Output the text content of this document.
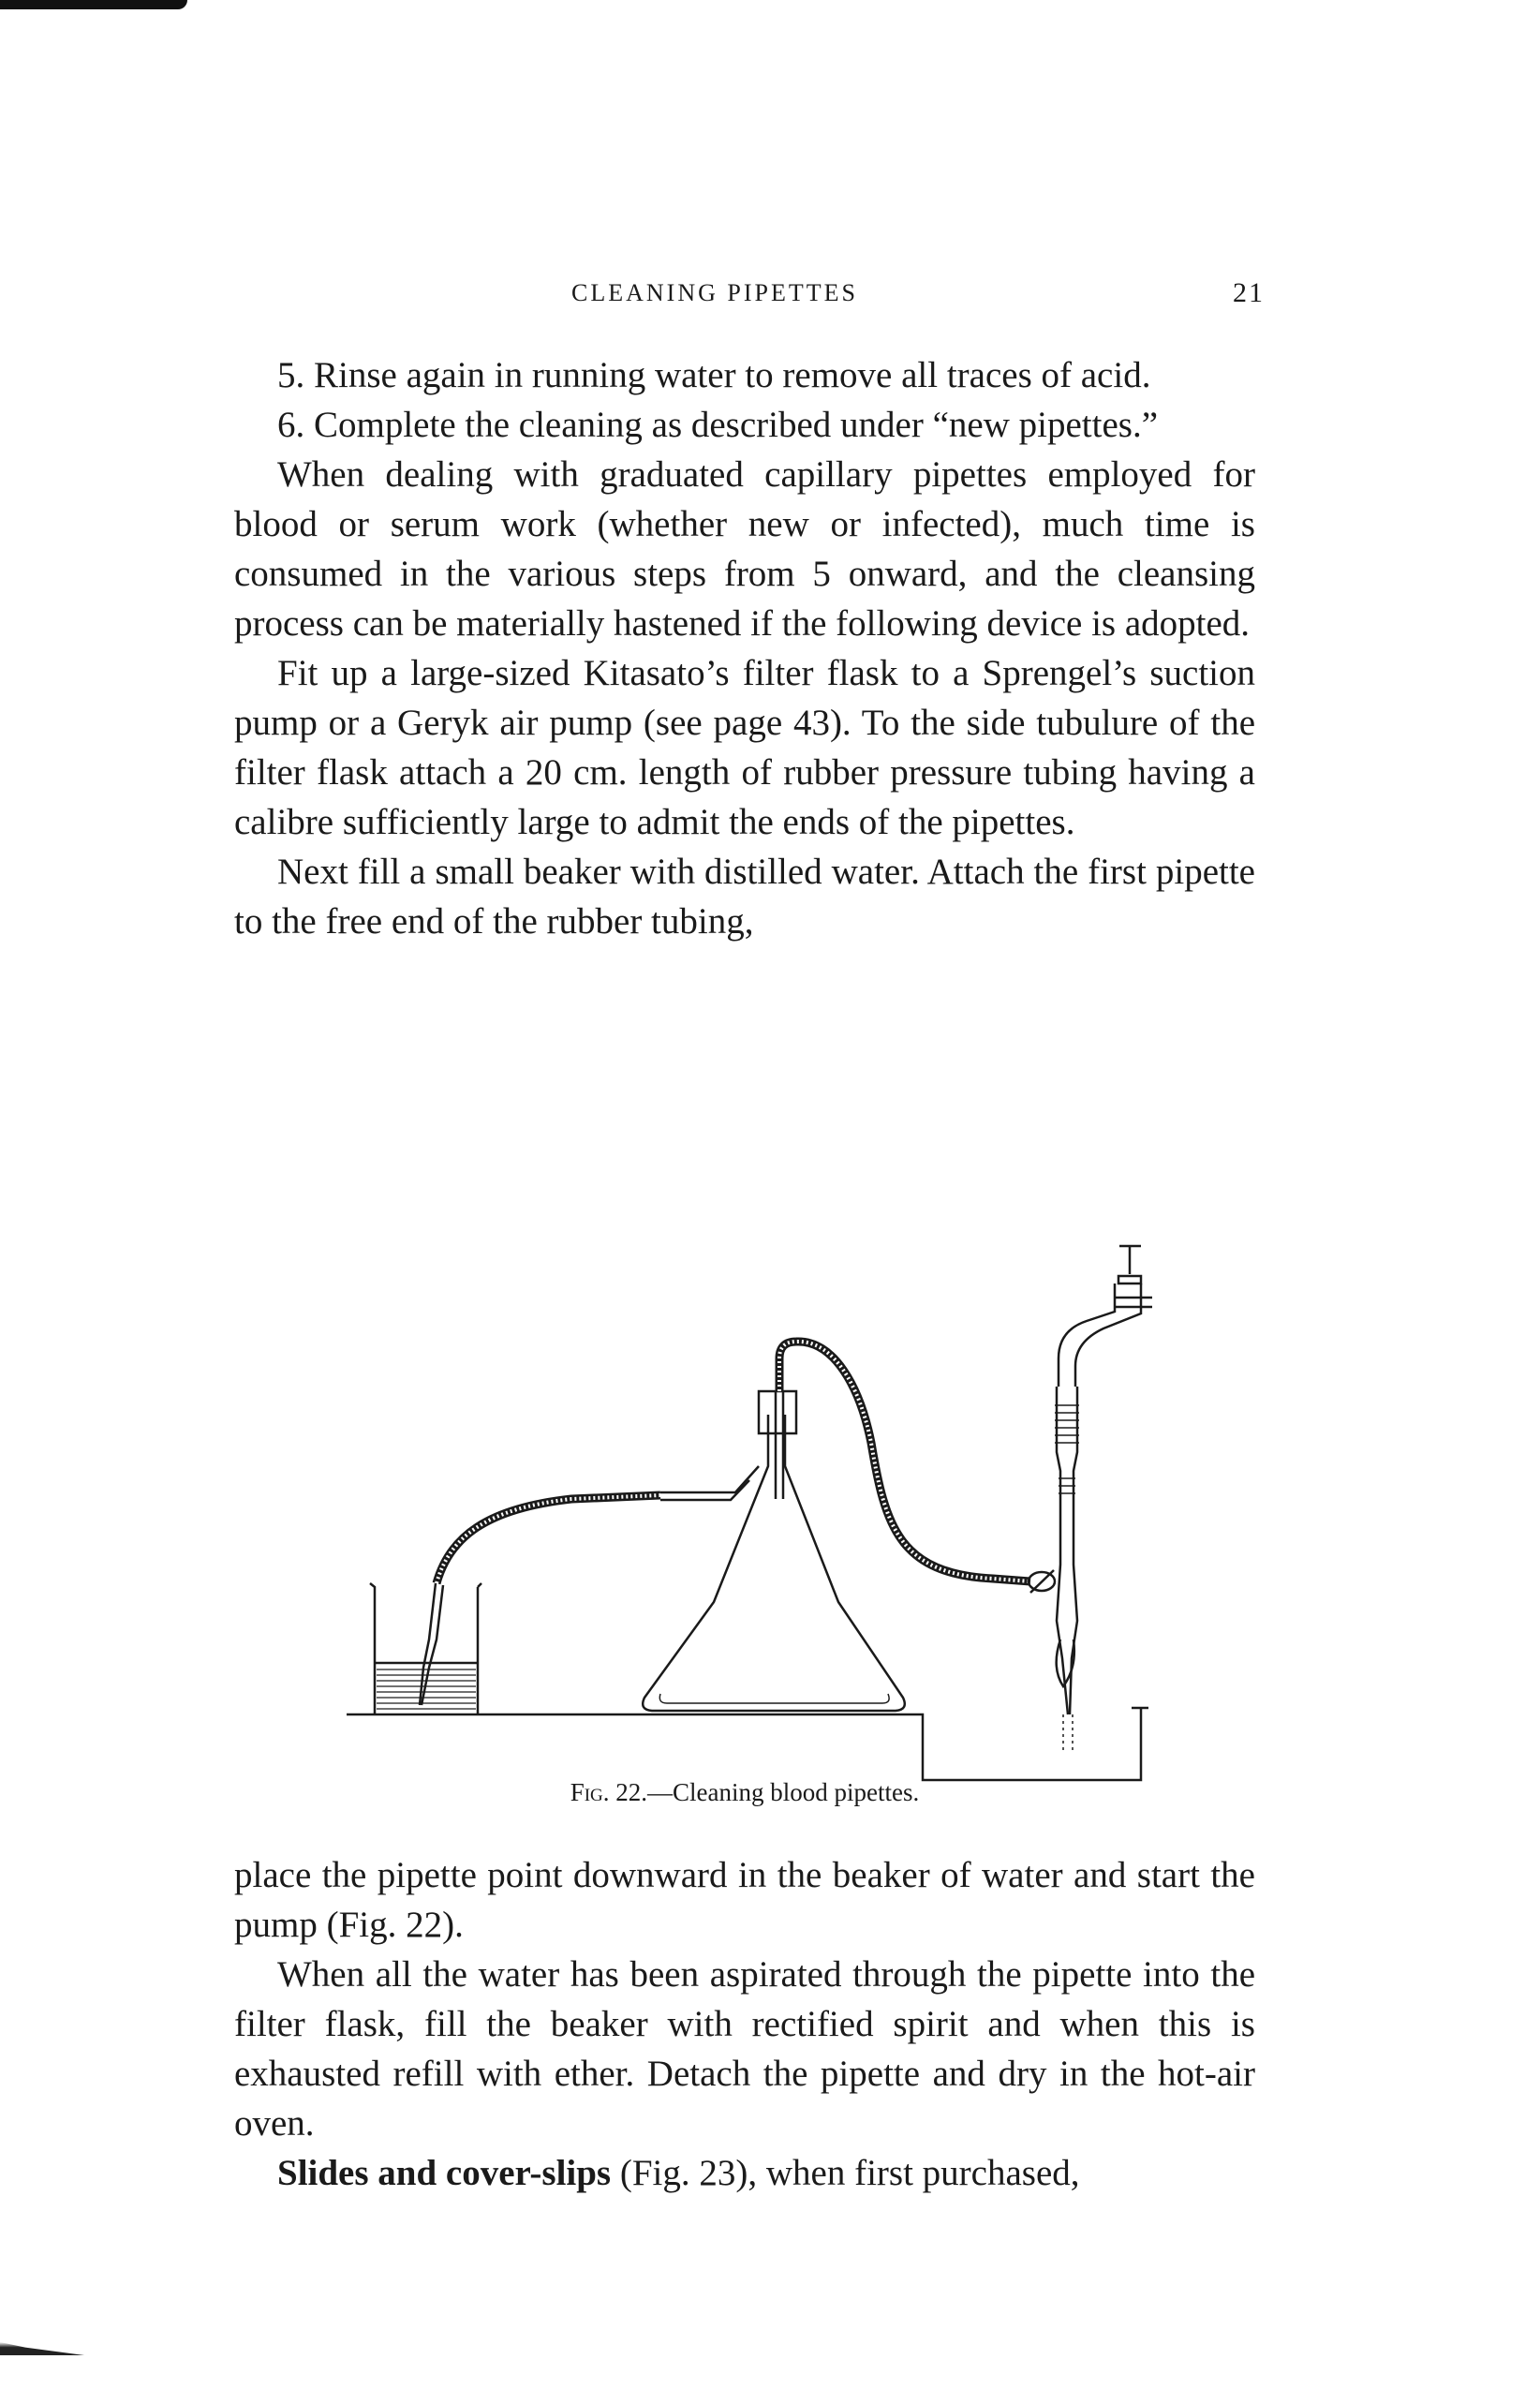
CLEANING PIPETTES	21

5. Rinse again in running water to remove all traces of acid.

6. Complete the cleaning as described under “new pipettes.”

When dealing with graduated capillary pipettes employed for blood or serum work (whether new or infected), much time is consumed in the various steps from 5 onward, and the cleansing process can be materially hastened if the following device is adopted.

Fit up a large-sized Kitasato’s filter flask to a Sprengel’s suction pump or a Geryk air pump (see page 43). To the side tubulure of the filter flask attach a 20 cm. length of rubber pressure tubing having a calibre sufficiently large to admit the ends of the pipettes.

Next fill a small beaker with distilled water. Attach the first pipette to the free end of the rubber tubing,

Fig. 22.—Cleaning blood pipettes.

place the pipette point downward in the beaker of water and start the pump (Fig. 22).

When all the water has been aspirated through the pipette into the filter flask, fill the beaker with rectified spirit and when this is exhausted refill with ether. Detach the pipette and dry in the hot-air oven.

Slides and cover-slips (Fig. 23), when first purchased,
